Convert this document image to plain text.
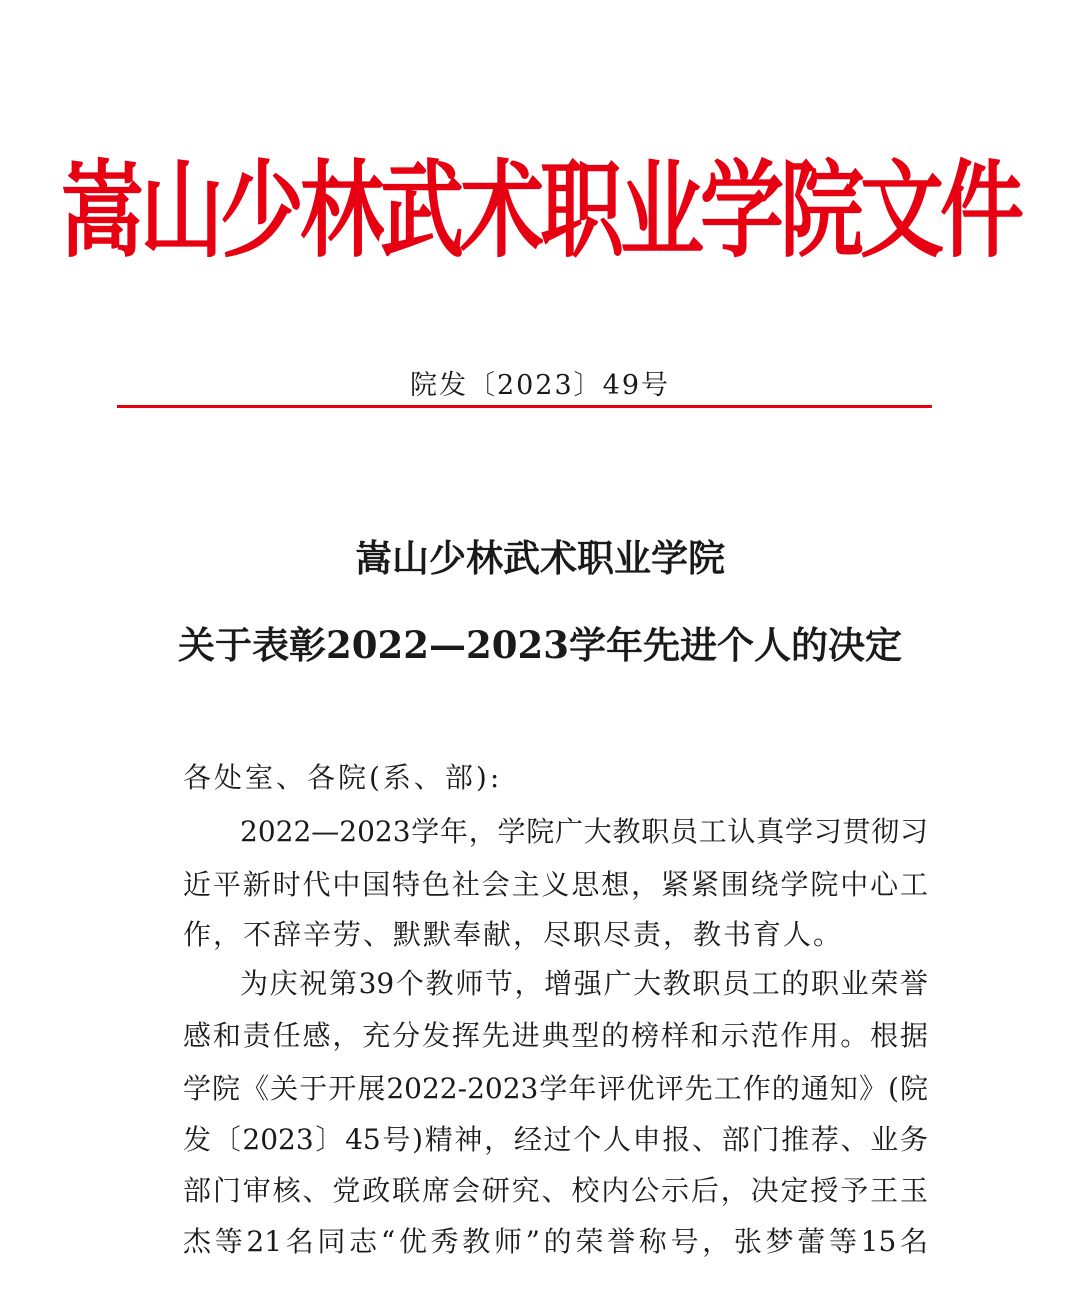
嵩山少林武术职业学院文件
院发〔2023〕49号
嵩山少林武术职业学院
关于表彰2022—2023学年先进个人的决定
各处室、各院(系、部):
2022—2023学年，学院广大教职员工认真学习贯彻习
近平新时代中国特色社会主义思想，紧紧围绕学院中心工
作，不辞辛劳、默默奉献，尽职尽责，教书育人。
为庆祝第39个教师节，增强广大教职员工的职业荣誉
感和责任感，充分发挥先进典型的榜样和示范作用。根据
学院《关于开展2022-2023学年评优评先工作的通知》(院
发〔2023〕45号)精神，经过个人申报、部门推荐、业务
部门审核、党政联席会研究、校内公示后，决定授予王玉
杰等21名同志“优秀教师”的荣誉称号，张梦蕾等15名
